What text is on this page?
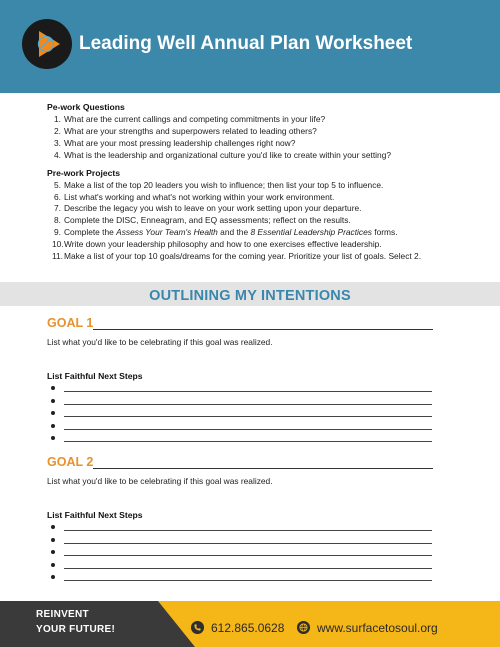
Leading Well Annual Plan Worksheet
Pe-work Questions
1. What are the current callings and competing commitments in your life?
2. What are your strengths and superpowers related to leading others?
3. What are your most pressing leadership challenges right now?
4. What is the leadership and organizational culture you'd like to create within your setting?
Pre-work Projects
5. Make a list of the top 20 leaders you wish to influence; then list your top 5 to influence.
6. List what's working and what's not working within your work environment.
7. Describe the legacy you wish to leave on your work setting upon your departure.
8. Complete the DISC, Enneagram, and EQ assessments; reflect on the results.
9. Complete the Assess Your Team's Health and the 8 Essential Leadership Practices forms.
10. Write down your leadership philosophy and how to one exercises effective leadership.
11. Make a list of your top 10 goals/dreams for the coming year. Prioritize your list of goals. Select 2.
OUTLINING MY INTENTIONS
GOAL 1
List what you'd like to be celebrating if this goal was realized.
List Faithful Next Steps
GOAL 2
List what you'd like to be celebrating if this goal was realized.
List Faithful Next Steps
REINVENT
YOUR FUTURE!	612.865.0628	www.surfacetosoul.org
